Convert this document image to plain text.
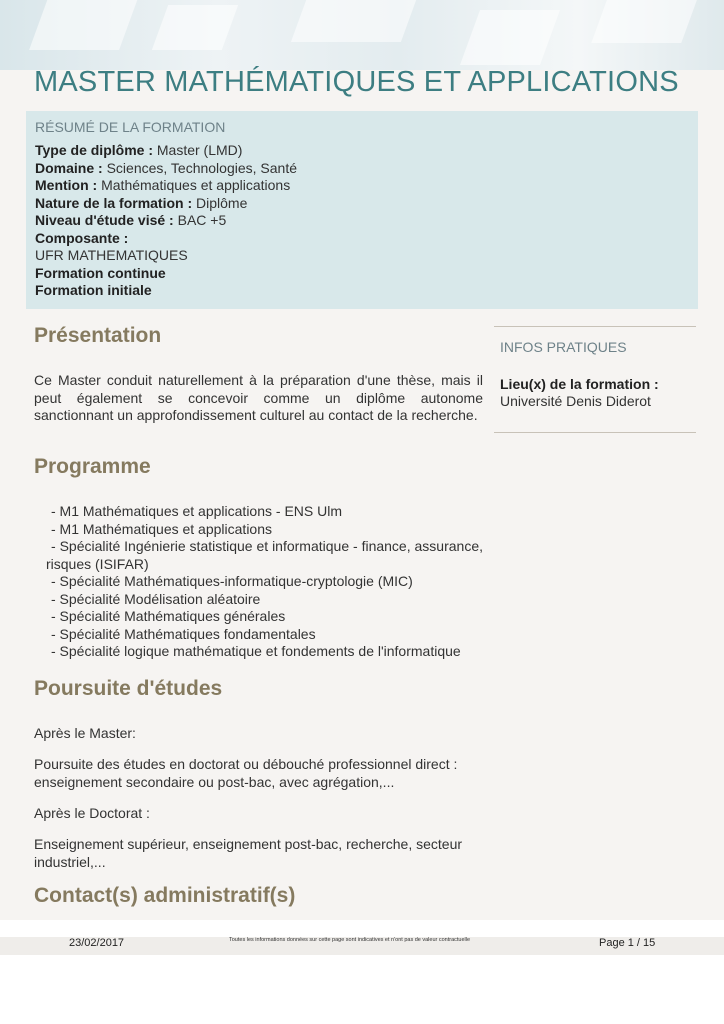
MASTER MATHÉMATIQUES ET APPLICATIONS
RÉSUMÉ DE LA FORMATION
Type de diplôme : Master (LMD)
Domaine : Sciences, Technologies, Santé
Mention : Mathématiques et applications
Nature de la formation : Diplôme
Niveau d'étude visé : BAC +5
Composante :
UFR MATHEMATIQUES
Formation continue
Formation initiale
Présentation

Ce Master conduit naturellement à la préparation d'une thèse, mais il peut également se concevoir comme un diplôme autonome sanctionnant un approfondissement culturel au contact de la recherche.

Programme
- M1 Mathématiques et applications - ENS Ulm
- M1 Mathématiques et applications
- Spécialité Ingénierie statistique et informatique - finance, assurance, risques (ISIFAR)
- Spécialité Mathématiques-informatique-cryptologie (MIC)
- Spécialité Modélisation aléatoire
- Spécialité Mathématiques générales
- Spécialité Mathématiques fondamentales
- Spécialité logique mathématique et fondements de l'informatique
Poursuite d'études

Après le Master:

Poursuite des études en doctorat ou débouché professionnel direct : enseignement secondaire ou post-bac, avec agrégation,...

Après le Doctorat :

Enseignement supérieur, enseignement post-bac, recherche, secteur industriel,...

Contact(s) administratif(s)
INFOS PRATIQUES
Lieu(x) de la formation :
Université Denis Diderot
23/02/2017	Toutes les informations données sur cette page sont indicatives et n'ont pas de valeur contractuelle	Page 1 / 15
